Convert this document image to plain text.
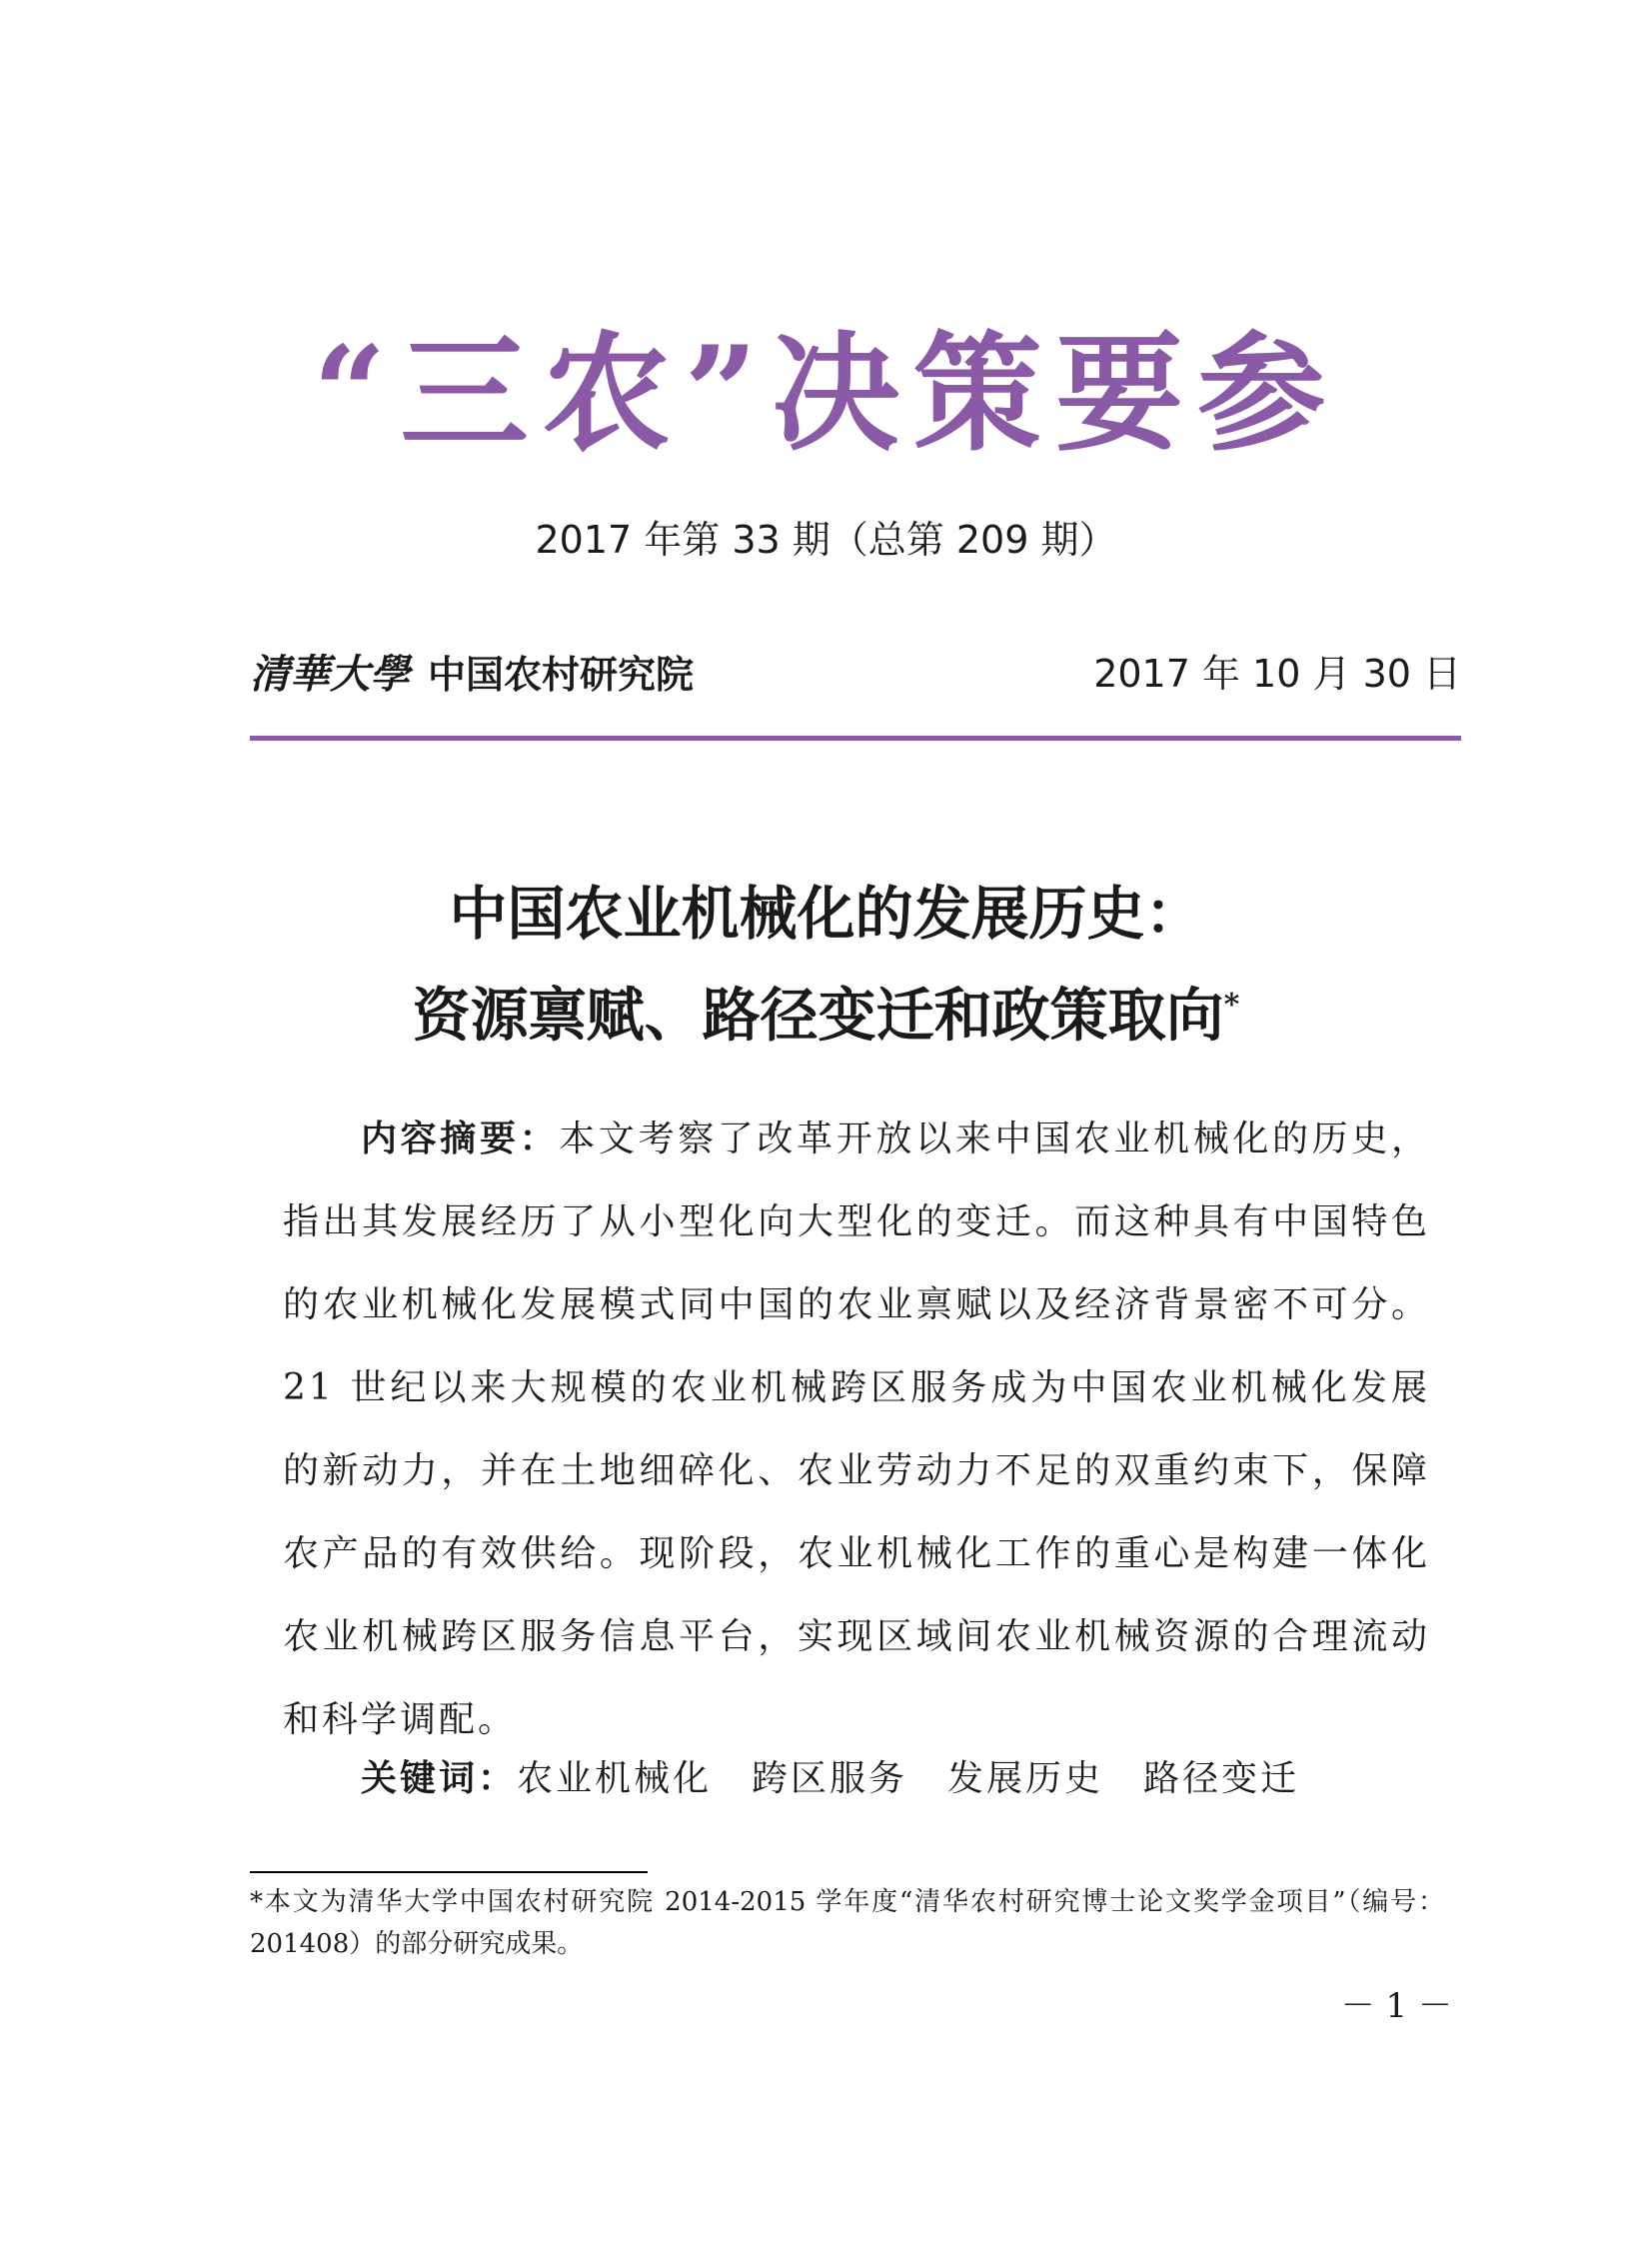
“三农”决策要参
2017 年第 33 期（总第 209 期）
清華大學 中国农村研究院	2017 年 10 月 30 日
中国农业机械化的发展历史：
资源禀赋、路径变迁和政策取向*
内容摘要：本文考察了改革开放以来中国农业机械化的历史，指出其发展经历了从小型化向大型化的变迁。而这种具有中国特色的农业机械化发展模式同中国的农业禀赋以及经济背景密不可分。21 世纪以来大规模的农业机械跨区服务成为中国农业机械化发展的新动力，并在土地细碎化、农业劳动力不足的双重约束下，保障农产品的有效供给。现阶段，农业机械化工作的重心是构建一体化农业机械跨区服务信息平台，实现区域间农业机械资源的合理流动和科学调配。
关键词：农业机械化 跨区服务 发展历史 路径变迁
*本文为清华大学中国农村研究院 2014-2015 学年度“清华农村研究博士论文奖学金项目”（编号：201408）的部分研究成果。
－ 1 －
